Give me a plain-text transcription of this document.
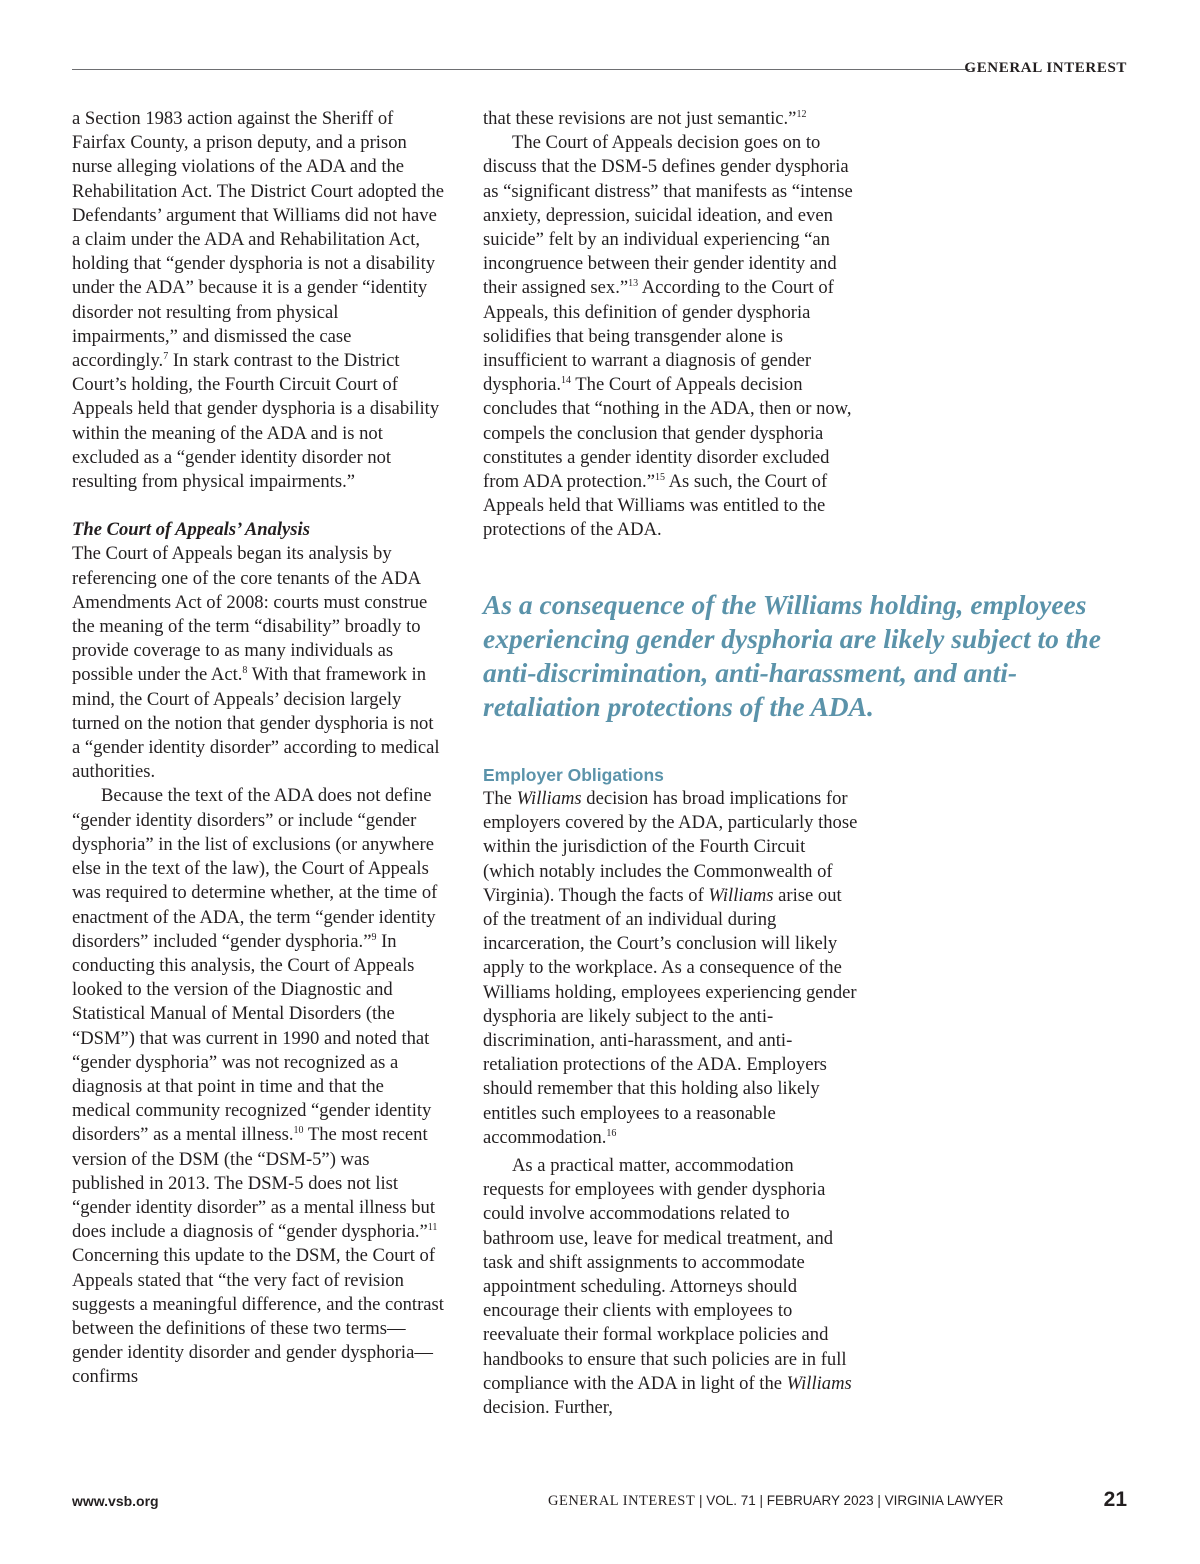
GENERAL INTEREST

a Section 1983 action against the Sheriff of Fairfax County, a prison deputy, and a prison nurse alleging violations of the ADA and the Rehabilitation Act. The District Court adopted the Defendants’ argument that Williams did not have a claim under the ADA and Rehabilitation Act, holding that “gender dysphoria is not a disability under the ADA” because it is a gender “identity disorder not resulting from physical impairments,” and dismissed the case accordingly.$^7$ In stark contrast to the District Court’s holding, the Fourth Circuit Court of Appeals held that gender dysphoria is a disability within the meaning of the ADA and is not excluded as a “gender identity disorder not resulting from physical impairments.”

The Court of Appeals’ Analysis

The Court of Appeals began its analysis by referencing one of the core tenants of the ADA Amendments Act of 2008: courts must construe the meaning of the term “disability” broadly to provide coverage to as many individuals as possible under the Act.$^8$ With that framework in mind, the Court of Appeals’ decision largely turned on the notion that gender dysphoria is not a “gender identity disorder” according to medical authorities.

Because the text of the ADA does not define “gender identity disorders” or include “gender dysphoria” in the list of exclusions (or anywhere else in the text of the law), the Court of Appeals was required to determine whether, at the time of enactment of the ADA, the term “gender identity disorders” included “gender dysphoria.”$^9$ In conducting this analysis, the Court of Appeals looked to the version of the Diagnostic and Statistical Manual of Mental Disorders (the “DSM”) that was current in 1990 and noted that “gender dysphoria” was not recognized as a diagnosis at that point in time and that the medical community recognized “gender identity disorders” as a mental illness.$^{10}$ The most recent version of the DSM (the “DSM-5”) was published in 2013. The DSM-5 does not list “gender identity disorder” as a mental illness but does include a diagnosis of “gender dysphoria.”$^{11}$ Concerning this update to the DSM, the Court of Appeals stated that “the very fact of revision suggests a meaningful difference, and the contrast between the definitions of these two terms—gender identity disorder and gender dysphoria—confirms

that these revisions are not just semantic.”$^{12}$

The Court of Appeals decision goes on to discuss that the DSM-5 defines gender dysphoria as “significant distress” that manifests as “intense anxiety, depression, suicidal ideation, and even suicide” felt by an individual experiencing “an incongruence between their gender identity and their assigned sex.”$^{13}$ According to the Court of Appeals, this definition of gender dysphoria solidifies that being transgender alone is insufficient to warrant a diagnosis of gender dysphoria.$^{14}$ The Court of Appeals decision concludes that “nothing in the ADA, then or now, compels the conclusion that gender dysphoria constitutes a gender identity disorder excluded from ADA protection.”$^{15}$ As such, the Court of Appeals held that Williams was entitled to the protections of the ADA.

As a consequence of the Williams holding, employees experiencing gender dysphoria are likely subject to the anti-discrimination, anti-harassment, and anti-retaliation protections of the ADA.

Employer Obligations

The Williams decision has broad implications for employers covered by the ADA, particularly those within the jurisdiction of the Fourth Circuit (which notably includes the Commonwealth of Virginia). Though the facts of Williams arise out of the treatment of an individual during incarceration, the Court’s conclusion will likely apply to the workplace. As a consequence of the Williams holding, employees experiencing gender dysphoria are likely subject to the anti-discrimination, anti-harassment, and anti-retaliation protections of the ADA. Employers should remember that this holding also likely entitles such employees to a reasonable accommodation.$^{16}$

As a practical matter, accommodation requests for employees with gender dysphoria could involve accommodations related to bathroom use, leave for medical treatment, and task and shift assignments to accommodate appointment scheduling. Attorneys should encourage their clients with employees to reevaluate their formal workplace policies and handbooks to ensure that such policies are in full compliance with the ADA in light of the Williams decision. Further,

www.vsb.org	GENERAL INTEREST | VOL. 71 | FEBRUARY 2023 | VIRGINIA LAWYER	21
